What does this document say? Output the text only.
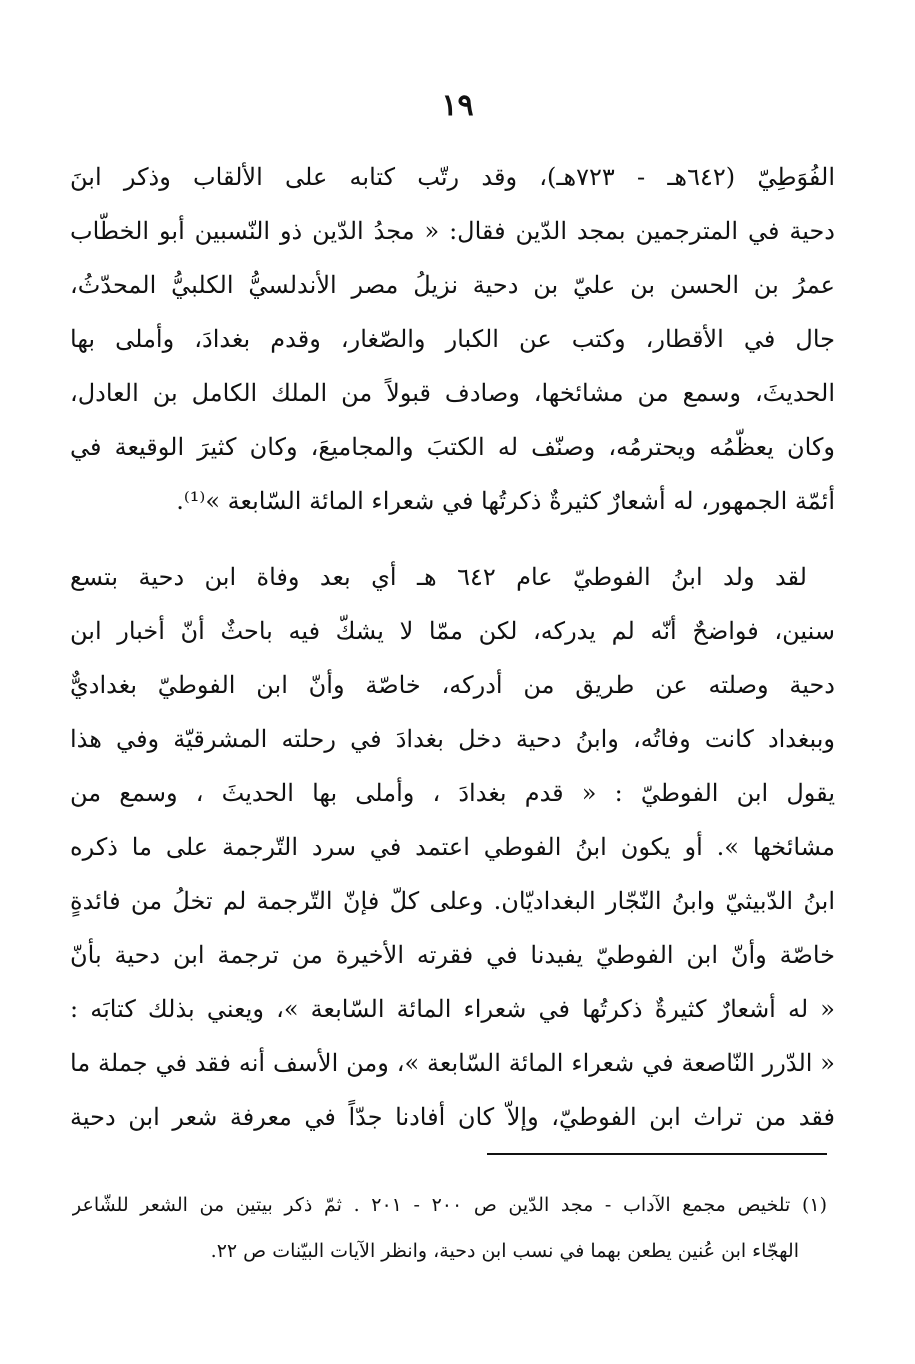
١٩
الفُوَطِيّ (٦٤٢هـ - ٧٢٣هـ)، وقد رتّب كتابه على الألقاب وذكر ابنَ
دحية في المترجمين بمجد الدّين فقال: « مجدُ الدّين ذو النّسبين أبو الخطّاب
عمرُ بن الحسن بن عليّ بن دحية نزيلُ مصر الأندلسيُّ الكلبيُّ المحدّثُ،
جال في الأقطار، وكتب عن الكبار والصّغار، وقدم بغدادَ، وأملى بها
الحديثَ، وسمع من مشائخها، وصادف قبولاً من الملك الكامل بن العادل،
وكان يعظّمُه ويحترمُه، وصنّف له الكتبَ والمجاميعَ، وكان كثيرَ الوقيعة في
أئمّة الجمهور، له أشعارٌ كثيرةٌ ذكرتُها في شعراء المائة السّابعة »⁽¹⁾.
لقد ولد ابنُ الفوطيّ عام ٦٤٢ هـ أي بعد وفاة ابن دحية بتسع
سنين، فواضحٌ أنّه لم يدركه، لكن ممّا لا يشكّ فيه باحثٌ أنّ أخبار ابن
دحية وصلته عن طريق من أدركه، خاصّة وأنّ ابن الفوطيّ بغداديٌّ
وببغداد كانت وفاتُه، وابنُ دحية دخل بغدادَ في رحلته المشرقيّة وفي هذا
يقول ابن الفوطيّ : « قدم بغدادَ ، وأملى بها الحديثَ ، وسمع من
مشائخها ». أو يكون ابنُ الفوطي اعتمد في سرد التّرجمة على ما ذكره
ابنُ الدّبيثيّ وابنُ النّجّار البغداديّان. وعلى كلّ فإنّ التّرجمة لم تخلُ من فائدةٍ
خاصّة وأنّ ابن الفوطيّ يفيدنا في فقرته الأخيرة من ترجمة ابن دحية بأنّ
« له أشعارٌ كثيرةٌ ذكرتُها في شعراء المائة السّابعة »، ويعني بذلك كتابَه :
« الدّرر النّاصعة في شعراء المائة السّابعة »، ومن الأسف أنه فقد في جملة ما
فقد من تراث ابن الفوطيّ، وإلاّ كان أفادنا جدّاً في معرفة شعر ابن دحية
(١) تلخيص مجمع الآداب - مجد الدّين ص ٢٠٠ - ٢٠١ . ثمّ ذكر بيتين من الشعر للشّاعر
الهجّاء ابن عُنين يطعن بهما في نسب ابن دحية، وانظر الآيات البيّنات ص ٢٢.
